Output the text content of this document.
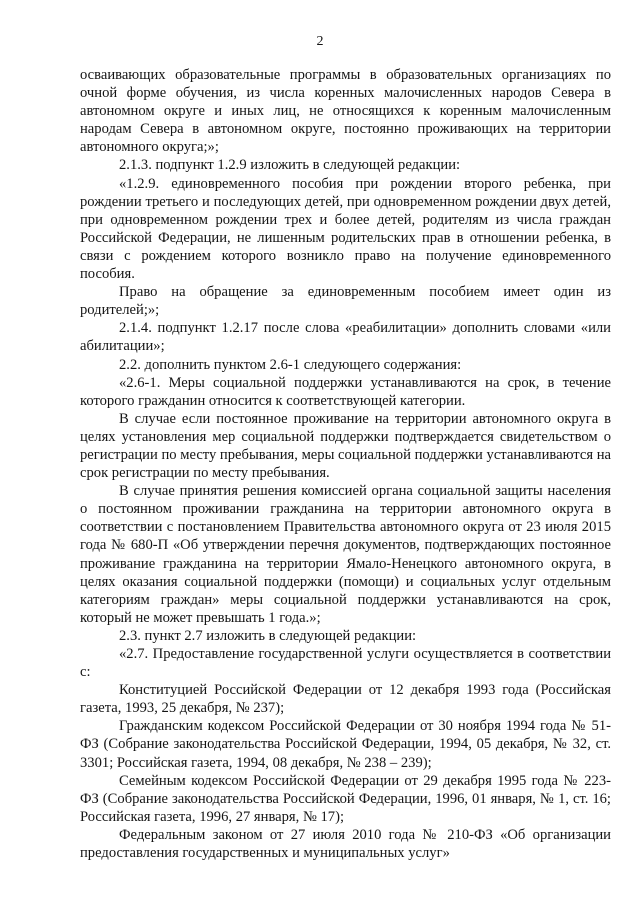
2

осваивающих образовательные программы в образовательных организациях по очной форме обучения, из числа коренных малочисленных народов Севера в автономном округе и иных лиц, не относящихся к коренным малочисленным народам Севера в автономном округе, постоянно проживающих на территории автономного округа;»;

2.1.3. подпункт 1.2.9 изложить в следующей редакции:

«1.2.9. единовременного пособия при рождении второго ребенка, при рождении третьего и последующих детей, при одновременном рождении двух детей, при одновременном рождении трех и более детей, родителям из числа граждан Российской Федерации, не лишенным родительских прав в отношении ребенка, в связи с рождением которого возникло право на получение единовременного пособия.

Право на обращение за единовременным пособием имеет один из родителей;»;

2.1.4. подпункт 1.2.17 после слова «реабилитации» дополнить словами «или абилитации»;

2.2. дополнить пунктом 2.6-1 следующего содержания:

«2.6-1. Меры социальной поддержки устанавливаются на срок, в течение которого гражданин относится к соответствующей категории.

В случае если постоянное проживание на территории автономного округа в целях установления мер социальной поддержки подтверждается свидетельством о регистрации по месту пребывания, меры социальной поддержки устанавливаются на срок регистрации по месту пребывания.

В случае принятия решения комиссией органа социальной защиты населения о постоянном проживании гражданина на территории автономного округа в соответствии с постановлением Правительства автономного округа от 23 июля 2015 года № 680-П «Об утверждении перечня документов, подтверждающих постоянное проживание гражданина на территории Ямало-Ненецкого автономного округа, в целях оказания социальной поддержки (помощи) и социальных услуг отдельным категориям граждан» меры социальной поддержки устанавливаются на срок, который не может превышать 1 года.»;

2.3. пункт 2.7 изложить в следующей редакции:

«2.7. Предоставление государственной услуги осуществляется в соответствии с:

Конституцией Российской Федерации от 12 декабря 1993 года (Российская газета, 1993, 25 декабря, № 237);

Гражданским кодексом Российской Федерации от 30 ноября 1994 года № 51-ФЗ (Собрание законодательства Российской Федерации, 1994, 05 декабря, № 32, ст. 3301; Российская газета, 1994, 08 декабря, № 238 – 239);

Семейным кодексом Российской Федерации от 29 декабря 1995 года № 223-ФЗ (Собрание законодательства Российской Федерации, 1996, 01 января, № 1, ст. 16; Российская газета, 1996, 27 января, № 17);

Федеральным законом от 27 июля 2010 года № 210-ФЗ «Об организации предоставления государственных и муниципальных услуг»
